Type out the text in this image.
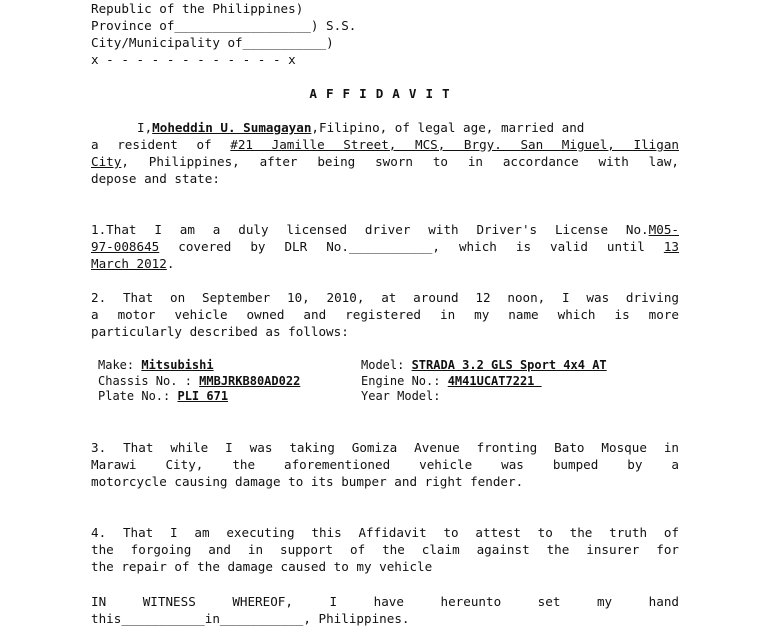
Republic of the Philippines)
Province of__________________) S.S.
City/Municipality of___________)
x - - - - - - - - - - - - x
AFFIDAVIT
I,Moheddin U. Sumagayan,Filipino, of legal age, married and
a resident of #21 Jamille Street, MCS, Brgy. San Miguel, Iligan
City, Philippines, after being sworn to in accordance with law,
depose and state:
1.That I am a duly licensed driver with Driver's License No.M05-
97-008645 covered by DLR No.___________, which is valid until 13
March 2012.
2. That on September 10, 2010, at around 12 noon, I was driving
a motor vehicle owned and registered in my name which is more
particularly described as follows:
Make: Mitsubishi	Model: STRADA 3.2 GLS Sport 4x4 AT
Chassis No. : MMBJRKB80AD022	Engine No.: 4M41UCAT7221
Plate No.: PLI 671	Year Model:
3. That while I was taking Gomiza Avenue fronting Bato Mosque in
Marawi City, the aforementioned vehicle was bumped by a
motorcycle causing damage to its bumper and right fender.
4. That I am executing this Affidavit to attest to the truth of
the forgoing and in support of the claim against the insurer for
the repair of the damage caused to my vehicle
IN WITNESS WHEREOF, I have hereunto set my hand
this___________in___________, Philippines.
